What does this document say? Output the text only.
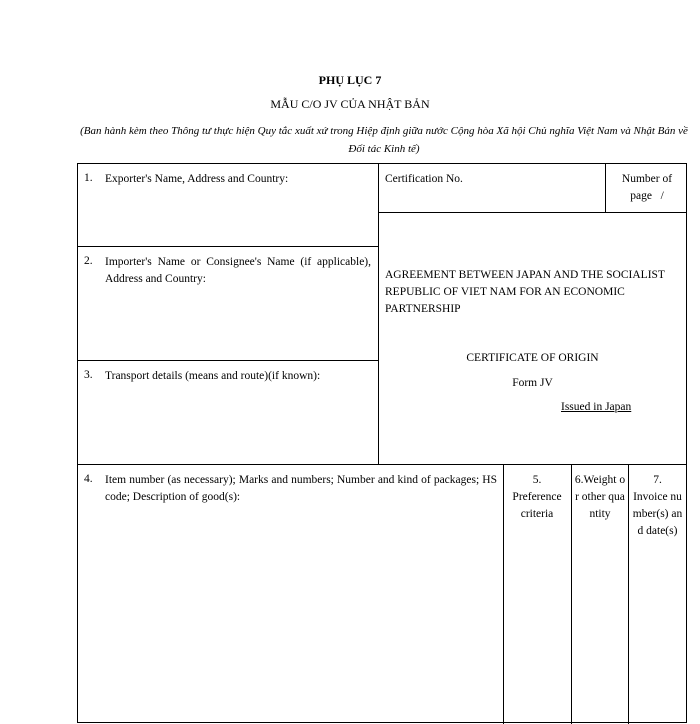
PHỤ LỤC 7
MẪU C/O JV CỦA NHẬT BẢN
(Ban hành kèm theo Thông tư thực hiện Quy tắc xuất xứ trong Hiệp định giữa nước Cộng hòa Xã hội Chủ nghĩa Việt Nam và Nhật Bản về Đối tác Kinh tế)
1. Exporter's Name, Address and Country:
2. Importer's Name or Consignee's Name (if applicable), Address and Country:
3. Transport details (means and route)(if known):
Certification No.	Number of page /
AGREEMENT BETWEEN JAPAN AND THE SOCIALIST REPUBLIC OF VIET NAM FOR AN ECONOMIC PARTNERSHIP
CERTIFICATE OF ORIGIN
Form JV
Issued in Japan
4. Item number (as necessary); Marks and numbers; Number and kind of packages; HS code; Description of good(s):
5.
Preference criteria
6.Weight or other quantity
7.
Invoice number(s) and date(s)
